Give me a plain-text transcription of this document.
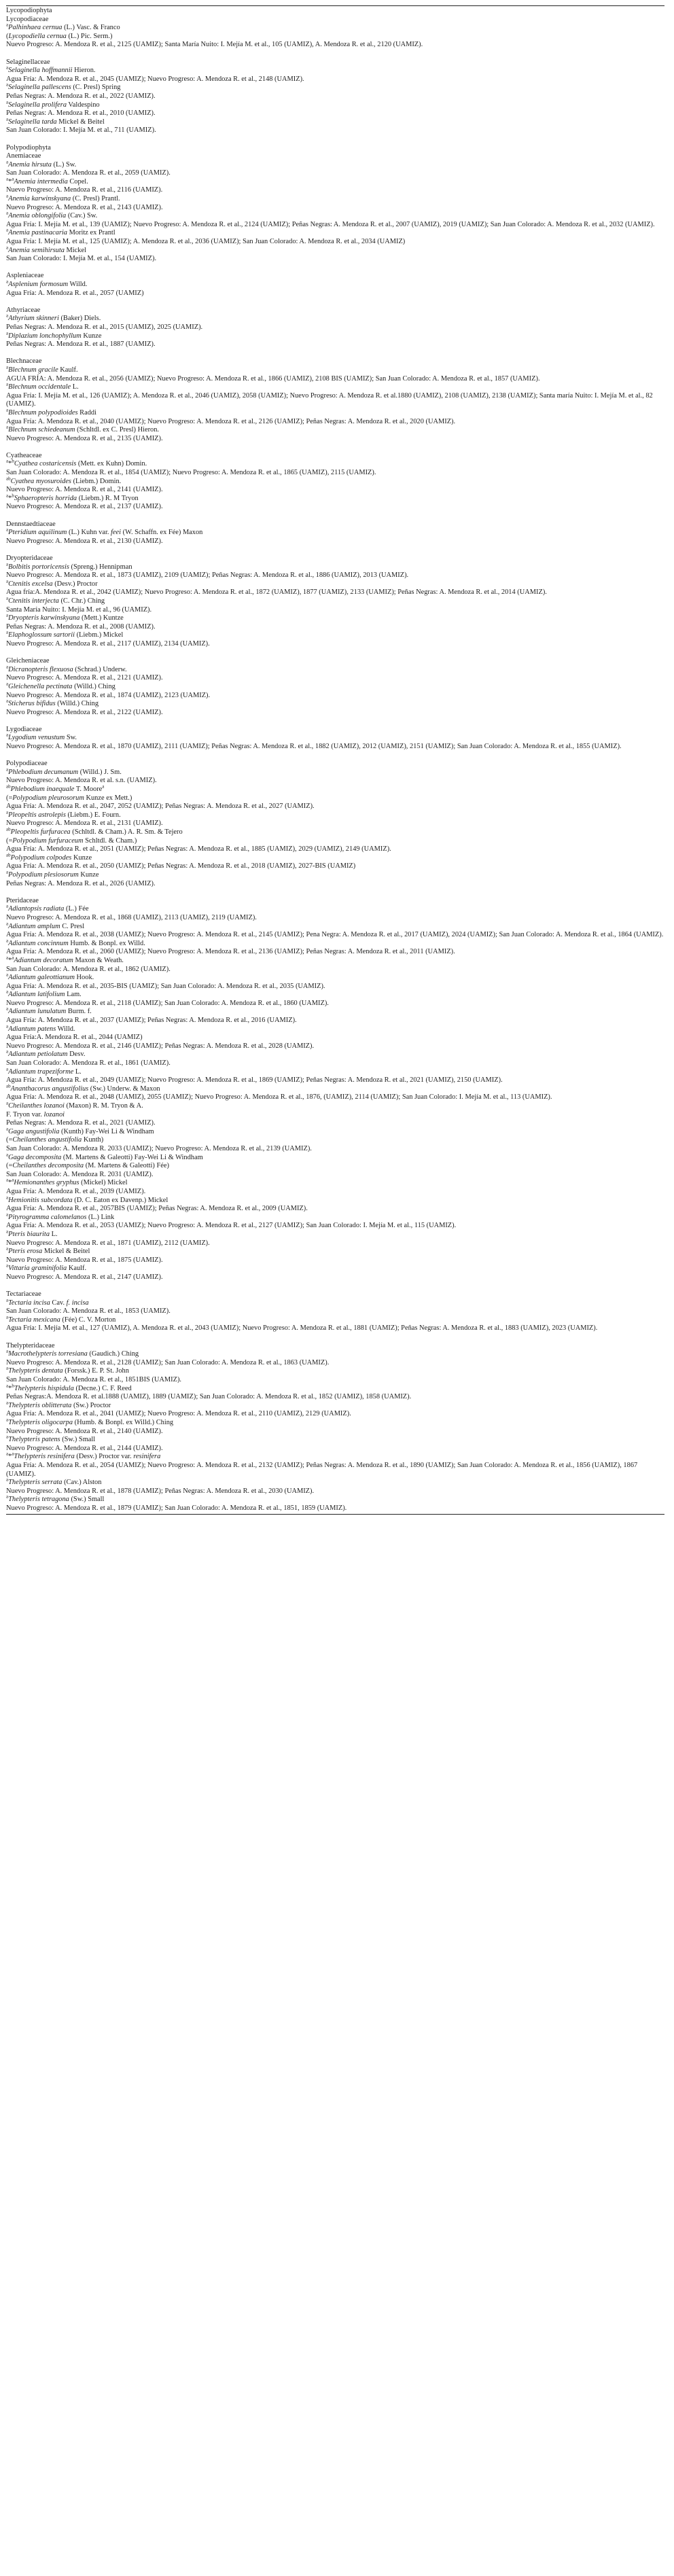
Lycopodiophyta
Lycopodiaceae
$^a$Palhinhaea cernua (L.) Vasc. & Franco
(Lycopodiella cernua (L.) Pic. Serm.)
Nuevo Progreso: A. Mendoza R. et al., 2125 (UAMIZ); Santa María Nuito: I. Mejía M. et al., 105 (UAMIZ), A. Mendoza R. et al., 2120 (UAMIZ).
Selaginellaceae
$^a$Selaginella hoffmannii Hieron.
Agua Fría: A. Mendoza R. et al., 2045 (UAMIZ); Nuevo Progreso: A. Mendoza R. et al., 2148 (UAMIZ).
$^a$Selaginella pallescens (C. Presl) Spring
Peñas Negras: A. Mendoza R. et al., 2022 (UAMIZ).
$^a$Selaginella prolifera Valdespino
Peñas Negras: A. Mendoza R. et al., 2010 (UAMIZ).
$^a$Selaginella tarda Mickel & Beitel
San Juan Colorado: I. Mejía M. et al., 711 (UAMIZ).
Polypodiophyta
Anemiaceae
$^a$Anemia hirsuta (L.) Sw.
San Juan Colorado: A. Mendoza R. et al., 2059 (UAMIZ).
$^a$*$^a$Anemia intermedia Copel.
Nuevo Progreso: A. Mendoza R. et al., 2116 (UAMIZ).
$^a$Anemia karwinskyana (C. Presl) Prantl.
Nuevo Progreso: A. Mendoza R. et al., 2143 (UAMIZ).
$^a$Anemia oblongifolia (Cav.) Sw.
Agua Fría: I. Mejía M. et al., 139 (UAMIZ); Nuevo Progreso: A. Mendoza R. et al., 2124 (UAMIZ); Peñas Negras: A. Mendoza R. et al., 2007 (UAMIZ), 2019 (UAMIZ); San Juan Colorado: A. Mendoza R. et al., 2032 (UAMIZ).
$^a$Anemia pastinacaria Moritz ex Prantl
Agua Fría: I. Mejía M. et al., 125 (UAMIZ); A. Mendoza R. et al., 2036 (UAMIZ); San Juan Colorado: A. Mendoza R. et al., 2034 (UAMIZ)
$^a$Anemia semihirsuta Mickel
San Juan Colorado: I. Mejía M. et al., 154 (UAMIZ).
Aspleniaceae
$^a$Asplenium formosum Willd.
Agua Fría: A. Mendoza R. et al., 2057 (UAMIZ)
Athyriaceae
$^a$Athyrium skinneri (Baker) Diels.
Peñas Negras: A. Mendoza R. et al., 2015 (UAMIZ), 2025 (UAMIZ).
$^a$Diplazium lonchophyllum Kunze
Peñas Negras: A. Mendoza R. et al., 1887 (UAMIZ).
Blechnaceae
$^a$Blechnum gracile Kaulf.
AGUA FRÍA: A. Mendoza R. et al., 2056 (UAMIZ); Nuevo Progreso: A. Mendoza R. et al., 1866 (UAMIZ), 2108 BIS (UAMIZ); San Juan Colorado: A. Mendoza R. et al., 1857 (UAMIZ).
$^a$Blechnum occidentale L.
Agua Fría: I. Mejía M. et al., 126 (UAMIZ); A. Mendoza R. et al., 2046 (UAMIZ), 2058 (UAMIZ); Nuevo Progreso: A. Mendoza R. et al.1880 (UAMIZ), 2108 (UAMIZ), 2138 (UAMIZ); Santa maría Nuito: I. Mejía M. et al., 82 (UAMIZ).
$^a$Blechnum polypodioides Raddi
Agua Fría: A. Mendoza R. et al., 2040 (UAMIZ); Nuevo Progreso: A. Mendoza R. et al., 2126 (UAMIZ); Peñas Negras: A. Mendoza R. et al., 2020 (UAMIZ).
$^a$Blechnum schiedeanum (Schltdl. ex C. Presl) Hieron.
Nuevo Progreso: A. Mendoza R. et al., 2135 (UAMIZ).
Cyatheaceae
$^a$*$^b$Cyathea costaricensis (Mett. ex Kuhn) Domin.
San Juan Colorado: A. Mendoza R. et al., 1854 (UAMIZ); Nuevo Progreso: A. Mendoza R. et al., 1865 (UAMIZ), 2115 (UAMIZ).
$^{ab}$Cyathea myosuroides (Liebm.) Domin.
Nuevo Progreso: A. Mendoza R. et al., 2141 (UAMIZ).
$^a$*$^b$Sphaeropteris horrida (Liebm.) R. M Tryon
Nuevo Progreso: A. Mendoza R. et al., 2137 (UAMIZ).
Dennstaedtiaceae
$^a$Pteridium aquilinum (L.) Kuhn var. feei (W. Schaffn. ex Fée) Maxon
Nuevo Progreso: A. Mendoza R. et al., 2130 (UAMIZ).
Dryopteridaceae
$^a$Bolbitis portoricensis (Spreng.) Hennipman
Nuevo Progreso: A. Mendoza R. et al., 1873 (UAMIZ), 2109 (UAMIZ); Peñas Negras: A. Mendoza R. et al., 1886 (UAMIZ), 2013 (UAMIZ).
$^a$Ctenitis excelsa (Desv.) Proctor
Agua fría:A. Mendoza R. et al., 2042 (UAMIZ); Nuevo Progreso: A. Mendoza R. et al., 1872 (UAMIZ), 1877 (UAMIZ), 2133 (UAMIZ); Peñas Negras: A. Mendoza R. et al., 2014 (UAMIZ).
$^a$Ctenitis interjecta (C. Chr.) Ching
Santa María Nuito: I. Mejía M. et al., 96 (UAMIZ).
$^a$Dryopteris karwinskyana (Mett.) Kuntze
Peñas Negras: A. Mendoza R. et al., 2008 (UAMIZ).
$^a$Elaphoglossum sartorii (Liebm.) Mickel
Nuevo Progreso: A. Mendoza R. et al., 2117 (UAMIZ), 2134 (UAMIZ).
Gleicheniaceae
$^a$Dicranopteris flexuosa (Schrad.) Underw.
Nuevo Progreso: A. Mendoza R. et al., 2121 (UAMIZ).
$^a$Gleichenella pectinata (Willd.) Ching
Nuevo Progreso: A. Mendoza R. et al., 1874 (UAMIZ), 2123 (UAMIZ).
$^a$Sticherus bifidus (Willd.) Ching
Nuevo Progreso: A. Mendoza R. et al., 2122 (UAMIZ).
Lygodiaceae
$^a$Lygodium venustum Sw.
Nuevo Progreso: A. Mendoza R. et al., 1870 (UAMIZ), 2111 (UAMIZ); Peñas Negras: A. Mendoza R. et al., 1882 (UAMIZ), 2012 (UAMIZ), 2151 (UAMIZ); San Juan Colorado: A. Mendoza R. et al., 1855 (UAMIZ).
Polypodiaceae
$^a$Phlebodium decumanum (Willd.) J. Sm.
Nuevo Progreso: A. Mendoza R. et al. s.n. (UAMIZ).
$^{ab}$Phlebodium inaequale T. Moore$^a$
(=Polypodium pleurosorum Kunze ex Mett.)
Agua Fría: A. Mendoza R. et al., 2047, 2052 (UAMIZ); Peñas Negras: A. Mendoza R. et al., 2027 (UAMIZ).
$^a$Pleopeltis astrolepis (Liebm.) E. Fourn.
Nuevo Progreso: A. Mendoza R. et al., 2131 (UAMIZ).
$^{ab}$Pleopeltis furfuracea (Schltdl. & Cham.) A. R. Sm. & Tejero
(=Polypodium furfuraceum Schltdl. & Cham.)
Agua Fría: A. Mendoza R. et al., 2051 (UAMIZ); Peñas Negras: A. Mendoza R. et al., 1885 (UAMIZ), 2029 (UAMIZ), 2149 (UAMIZ).
$^{ab}$Polypodium colpodes Kunze
Agua Fría: A. Mendoza R. et al., 2050 (UAMIZ); Peñas Negras: A. Mendoza R. et al., 2018 (UAMIZ), 2027-BIS (UAMIZ)
$^a$Polypodium plesiosorum Kunze
Peñas Negras: A. Mendoza R. et al., 2026 (UAMIZ).
Pteridaceae
$^a$Adiantopsis radiata (L.) Fée
Nuevo Progreso: A. Mendoza R. et al., 1868 (UAMIZ), 2113 (UAMIZ), 2119 (UAMIZ).
$^a$Adiantum amplum C. Presl
Agua Fría: A. Mendoza R. et al., 2038 (UAMIZ); Nuevo Progreso: A. Mendoza R. et al., 2145 (UAMIZ); Pena Negra: A. Mendoza R. et al., 2017 (UAMIZ), 2024 (UAMIZ); San Juan Colorado: A. Mendoza R. et al., 1864 (UAMIZ).
$^a$Adiantum concinnum Humb. & Bonpl. ex Willd.
Agua Fría: A. Mendoza R. et al., 2060 (UAMIZ); Nuevo Progreso: A. Mendoza R. et al., 2136 (UAMIZ); Peñas Negras: A. Mendoza R. et al., 2011 (UAMIZ).
$^a$*$^a$Adiantum decoratum Maxon & Weath.
San Juan Colorado: A. Mendoza R. et al., 1862 (UAMIZ).
$^a$Adiantum galeottianum Hook.
Agua Fría: A. Mendoza R. et al., 2035-BIS (UAMIZ); San Juan Colorado: A. Mendoza R. et al., 2035 (UAMIZ).
$^a$Adiantum latifolium Lam.
Nuevo Progreso: A. Mendoza R. et al., 2118 (UAMIZ); San Juan Colorado: A. Mendoza R. et al., 1860 (UAMIZ).
$^a$Adiantum lunulatum Burm. f.
Agua Fría: A. Mendoza R. et al., 2037 (UAMIZ); Peñas Negras: A. Mendoza R. et al., 2016 (UAMIZ).
$^a$Adiantum patens Willd.
Agua Fría:A. Mendoza R. et al., 2044 (UAMIZ)
Nuevo Progreso: A. Mendoza R. et al., 2146 (UAMIZ); Peñas Negras: A. Mendoza R. et al., 2028 (UAMIZ).
$^a$Adiantum petiolatum Desv.
San Juan Colorado: A. Mendoza R. et al., 1861 (UAMIZ).
$^a$Adiantum trapeziforme L.
Agua Fría: A. Mendoza R. et al., 2049 (UAMIZ); Nuevo Progreso: A. Mendoza R. et al., 1869 (UAMIZ); Peñas Negras: A. Mendoza R. et al., 2021 (UAMIZ), 2150 (UAMIZ).
$^{ab}$Ananthacorus angustifolius (Sw.) Underw. & Maxon
Agua Fría: A. Mendoza R. et al., 2048 (UAMIZ), 2055 (UAMIZ); Nuevo Progreso: A. Mendoza R. et al., 1876, (UAMIZ), 2114 (UAMIZ); San Juan Colorado: I. Mejía M. et al., 113 (UAMIZ).
$^a$Cheilanthes lozanoi (Maxon) R. M. Tryon & A.
F. Tryon var. lozanoi
Peñas Negras: A. Mendoza R. et al., 2021 (UAMIZ).
$^a$Gaga angustifolia (Kunth) Fay-Wei Li & Windham
(=Cheilanthes angustifolia Kunth)
San Juan Colorado: A. Mendoza R. 2033 (UAMIZ); Nuevo Progreso: A. Mendoza R. et al., 2139 (UAMIZ).
$^a$Gaga decomposita (M. Martens & Galeotti) Fay-Wei Li & Windham
(=Cheilanthes decomposita (M. Martens & Galeotti) Fée)
San Juan Colorado: A. Mendoza R. 2031 (UAMIZ).
$^a$*$^a$Hemionanthes gryphus (Mickel) Mickel
Agua Fría: A. Mendoza R. et al., 2039 (UAMIZ).
$^a$Hemionitis subcordata (D. C. Eaton ex Davenp.) Mickel
Agua Fría: A. Mendoza R. et al., 2057BIS (UAMIZ); Peñas Negras: A. Mendoza R. et al., 2009 (UAMIZ).
$^a$Pityrogramma calomelanos (L.) Link
Agua Fría: A. Mendoza R. et al., 2053 (UAMIZ); Nuevo Progreso: A. Mendoza R. et al., 2127 (UAMIZ); San Juan Colorado: I. Mejía M. et al., 115 (UAMIZ).
$^a$Pteris biaurita L.
Nuevo Progreso: A. Mendoza R. et al., 1871 (UAMIZ), 2112 (UAMIZ).
$^a$Pteris erosa Mickel & Beitel
Nuevo Progreso: A. Mendoza R. et al., 1875 (UAMIZ).
$^a$Vittaria graminifolia Kaulf.
Nuevo Progreso: A. Mendoza R. et al., 2147 (UAMIZ).
Tectariaceae
$^a$Tectaria incisa Cav. f. incisa
San Juan Colorado: A. Mendoza R. et al., 1853 (UAMIZ).
$^a$Tectaria mexicana (Fée) C. V. Morton
Agua Fría: I. Mejía M. et al., 127 (UAMIZ), A. Mendoza R. et al., 2043 (UAMIZ); Nuevo Progreso: A. Mendoza R. et al., 1881 (UAMIZ); Peñas Negras: A. Mendoza R. et al., 1883 (UAMIZ), 2023 (UAMIZ).
Thelypteridaceae
$^a$Macrothelypteris torresiana (Gaudich.) Ching
Nuevo Progreso: A. Mendoza R. et al., 2128 (UAMIZ); San Juan Colorado: A. Mendoza R. et al., 1863 (UAMIZ).
$^a$Thelypteris dentata (Forssk.) E. P. St. John
San Juan Colorado: A. Mendoza R. et al., 1851BIS (UAMIZ).
$^a$*$^b$Thelypteris hispidula (Decne.) C. F. Reed
Peñas Negras:A. Mendoza R. et al.1888 (UAMIZ), 1889 (UAMIZ); San Juan Colorado: A. Mendoza R. et al., 1852 (UAMIZ), 1858 (UAMIZ).
$^a$Thelypteris oblitterata (Sw.) Proctor
Agua Fría: A. Mendoza R. et al., 2041 (UAMIZ); Nuevo Progreso: A. Mendoza R. et al., 2110 (UAMIZ), 2129 (UAMIZ).
$^a$Thelypteris oligocarpa (Humb. & Bonpl. ex Willd.) Ching
Nuevo Progreso: A. Mendoza R. et al., 2140 (UAMIZ).
$^a$Thelypteris patens (Sw.) Small
Nuevo Progreso: A. Mendoza R. et al., 2144 (UAMIZ).
$^a$*$^a$Thelypteris resinifera (Desv.) Proctor var. resinifera
Agua Fría: A. Mendoza R. et al., 2054 (UAMIZ); Nuevo Progreso: A. Mendoza R. et al., 2132 (UAMIZ); Peñas Negras: A. Mendoza R. et al., 1890 (UAMIZ); San Juan Colorado: A. Mendoza R. et al., 1856 (UAMIZ), 1867 (UAMIZ).
$^a$Thelypteris serrata (Cav.) Alston
Nuevo Progreso: A. Mendoza R. et al., 1878 (UAMIZ); Peñas Negras: A. Mendoza R. et al., 2030 (UAMIZ).
$^a$Thelypteris tetragona (Sw.) Small
Nuevo Progreso: A. Mendoza R. et al., 1879 (UAMIZ); San Juan Colorado: A. Mendoza R. et al., 1851, 1859 (UAMIZ).
